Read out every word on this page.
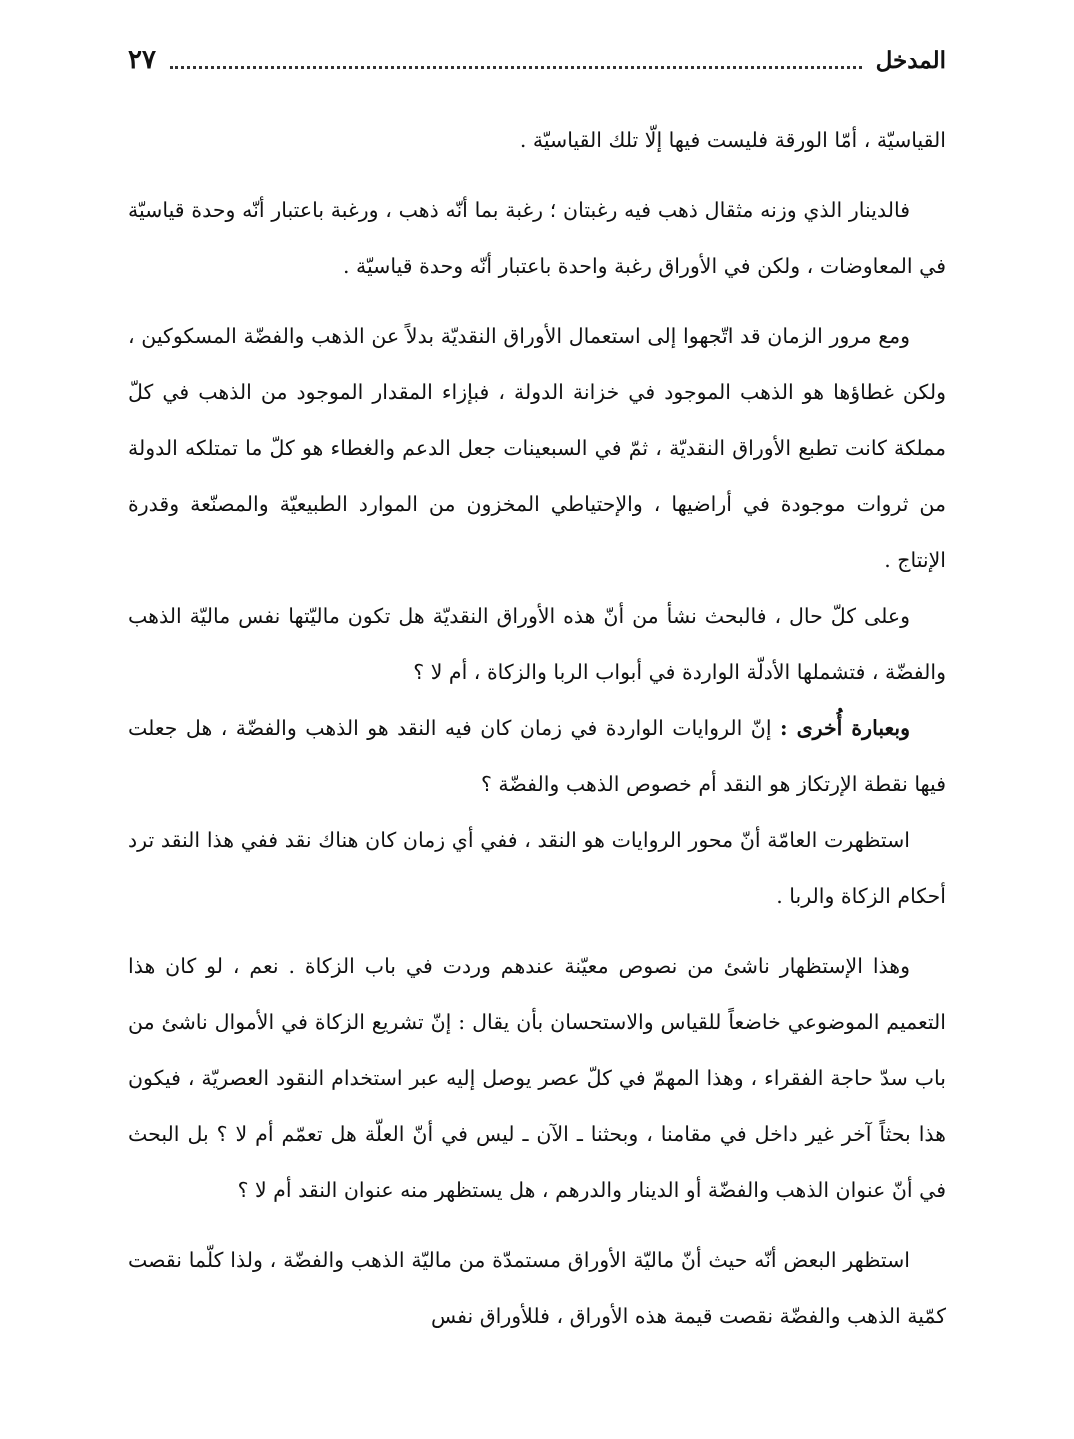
المدخل
٢٧

القياسيّة ، أمّا الورقة فليست فيها إلّا تلك القياسيّة .

فالدينار الذي وزنه مثقال ذهب فيه رغبتان ؛ رغبة بما أنّه ذهب ، ورغبة باعتبار أنّه وحدة قياسيّة في المعاوضات ، ولكن في الأوراق رغبة واحدة باعتبار أنّه وحدة قياسيّة .

ومع مرور الزمان قد اتّجهوا إلى استعمال الأوراق النقديّة بدلاً عن الذهب والفضّة المسكوكين ، ولكن غطاؤها هو الذهب الموجود في خزانة الدولة ، فبإزاء المقدار الموجود من الذهب في كلّ مملكة كانت تطبع الأوراق النقديّة ، ثمّ في السبعينات جعل الدعم والغطاء هو كلّ ما تمتلكه الدولة من ثروات موجودة في أراضيها ، والإحتياطي المخزون من الموارد الطبيعيّة والمصنّعة وقدرة الإنتاج .

وعلى كلّ حال ، فالبحث نشأ من أنّ هذه الأوراق النقديّة هل تكون ماليّتها نفس ماليّة الذهب والفضّة ، فتشملها الأدلّة الواردة في أبواب الربا والزكاة ، أم لا ؟

وبعبارة أُخرى : إنّ الروايات الواردة في زمان كان فيه النقد هو الذهب والفضّة ، هل جعلت فيها نقطة الإرتكاز هو النقد أم خصوص الذهب والفضّة ؟

استظهرت العامّة أنّ محور الروايات هو النقد ، ففي أي زمان كان هناك نقد ففي هذا النقد ترد أحكام الزكاة والربا .

وهذا الإستظهار ناشئ من نصوص معيّنة عندهم وردت في باب الزكاة . نعم ، لو كان هذا التعميم الموضوعي خاضعاً للقياس والاستحسان بأن يقال : إنّ تشريع الزكاة في الأموال ناشئ من باب سدّ حاجة الفقراء ، وهذا المهمّ في كلّ عصر يوصل إليه عبر استخدام النقود العصريّة ، فيكون هذا بحثاً آخر غير داخل في مقامنا ، وبحثنا ـ الآن ـ ليس في أنّ العلّة هل تعمّم أم لا ؟ بل البحث في أنّ عنوان الذهب والفضّة أو الدينار والدرهم ، هل يستظهر منه عنوان النقد أم لا ؟

استظهر البعض أنّه حيث أنّ ماليّة الأوراق مستمدّة من ماليّة الذهب والفضّة ، ولذا كلّما نقصت كمّية الذهب والفضّة نقصت قيمة هذه الأوراق ، فللأوراق نفس
